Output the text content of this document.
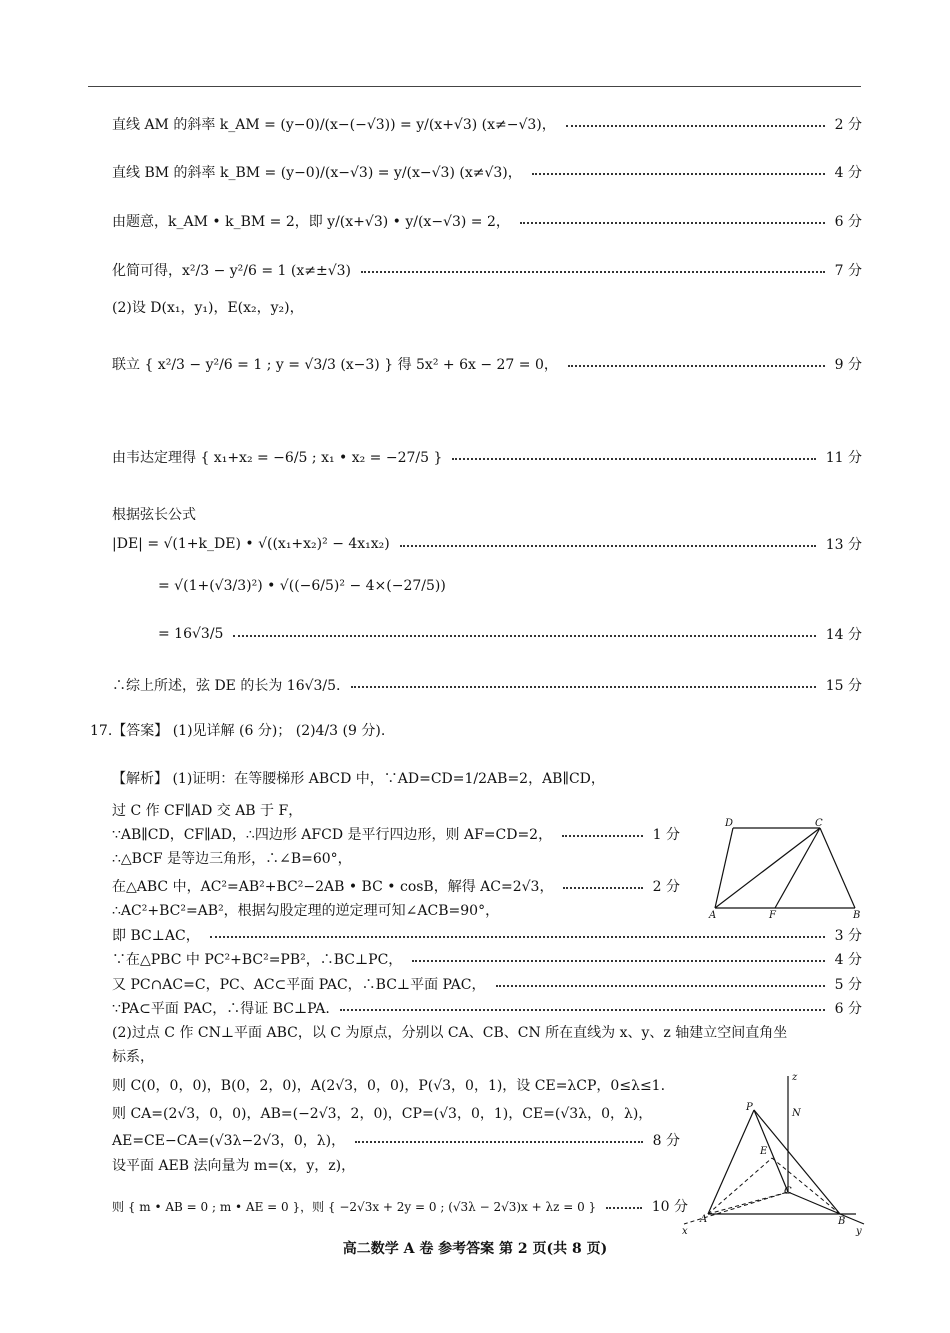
直线 AM 的斜率 k_AM = (y−0)/(x−(−√3)) = y/(x+√3) (x≠−√3)，	2 分
直线 BM 的斜率 k_BM = (y−0)/(x−√3) = y/(x−√3) (x≠√3)，	4 分
由题意，k_AM • k_BM = 2，即 y/(x+√3) • y/(x−√3) = 2，	6 分
化简可得，x²/3 − y²/6 = 1 (x≠±√3)	7 分
(2)设 D(x₁，y₁)，E(x₂，y₂)，
联立 { x²/3 − y²/6 = 1 ; y = √3/3 (x−3) } 得 5x² + 6x − 27 = 0，	9 分
由韦达定理得 { x₁+x₂ = −6/5 ; x₁ • x₂ = −27/5 }	11 分
根据弦长公式
|DE| = √(1+k_DE) • √((x₁+x₂)² − 4x₁x₂)	13 分
= √(1+(√3/3)²) • √((−6/5)² − 4×(−27/5))
= 16√3/5	14 分
∴综上所述，弦 DE 的长为 16√3/5.	15 分
17.【答案】 (1)见详解 (6 分)； (2)4/3 (9 分).
【解析】 (1)证明：在等腰梯形 ABCD 中，∵AD=CD=1/2AB=2，AB∥CD，
过 C 作 CF∥AD 交 AB 于 F，
∵AB∥CD，CF∥AD，∴四边形 AFCD 是平行四边形，则 AF=CD=2，	1 分
∴△BCF 是等边三角形，∴∠B=60°，
在△ABC 中，AC²=AB²+BC²−2AB • BC • cosB，解得 AC=2√3，	2 分
∴AC²+BC²=AB²，根据勾股定理的逆定理可知∠ACB=90°，
即 BC⊥AC，	3 分
∵在△PBC 中 PC²+BC²=PB²，∴BC⊥PC，	4 分
又 PC∩AC=C，PC、AC⊂平面 PAC，∴BC⊥平面 PAC，	5 分
∵PA⊂平面 PAC，∴得证 BC⊥PA.	6 分
(2)过点 C 作 CN⊥平面 ABC，以 C 为原点，分别以 CA、CB、CN 所在直线为 x、y、z 轴建立空间直角坐
标系，
则 C(0，0，0)，B(0，2，0)，A(2√3，0，0)，P(√3，0，1)，设 CE=λCP，0≤λ≤1.
则 CA=(2√3，0，0)，AB=(−2√3，2，0)，CP=(√3，0，1)，CE=(√3λ，0，λ)，
AE=CE−CA=(√3λ−2√3，0，λ)，	8 分
设平面 AEB 法向量为 m=(x，y，z)，
则 { m • AB = 0 ; m • AE = 0 }，则 { −2√3x + 2y = 0 ; (√3λ − 2√3)x + λz = 0 }	10 分
D	C
A	F	B
z
P
N
E
C
A	B
x	y
高二数学 A 卷 参考答案 第 2 页(共 8 页)
